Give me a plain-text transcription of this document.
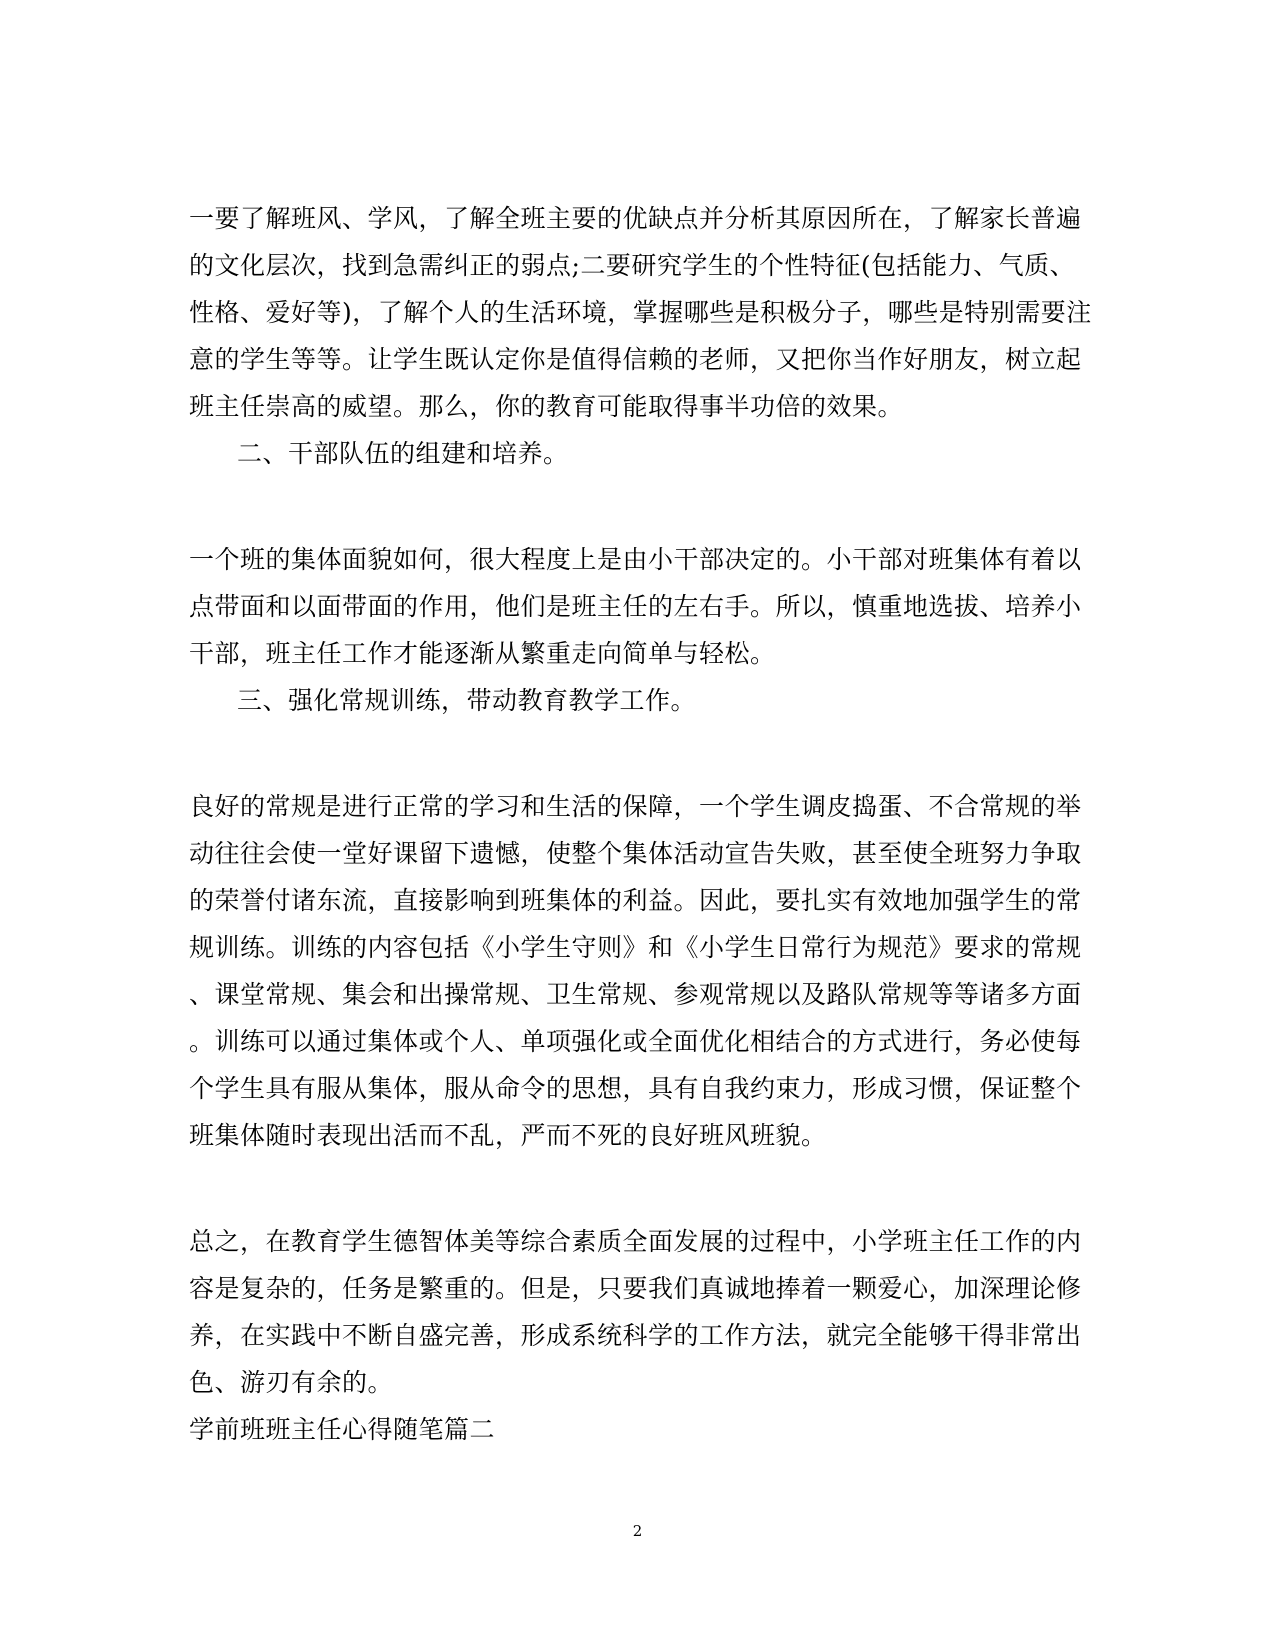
一要了解班风、学风，了解全班主要的优缺点并分析其原因所在，了解家长普遍
的文化层次，找到急需纠正的弱点;二要研究学生的个性特征(包括能力、气质、
性格、爱好等)，了解个人的生活环境，掌握哪些是积极分子，哪些是特别需要注
意的学生等等。让学生既认定你是值得信赖的老师，又把你当作好朋友，树立起
班主任崇高的威望。那么，你的教育可能取得事半功倍的效果。
二、干部队伍的组建和培养。
一个班的集体面貌如何，很大程度上是由小干部决定的。小干部对班集体有着以
点带面和以面带面的作用，他们是班主任的左右手。所以，慎重地选拔、培养小
干部，班主任工作才能逐渐从繁重走向简单与轻松。
三、强化常规训练，带动教育教学工作。
良好的常规是进行正常的学习和生活的保障，一个学生调皮捣蛋、不合常规的举
动往往会使一堂好课留下遗憾，使整个集体活动宣告失败，甚至使全班努力争取
的荣誉付诸东流，直接影响到班集体的利益。因此，要扎实有效地加强学生的常
规训练。训练的内容包括《小学生守则》和《小学生日常行为规范》要求的常规
、课堂常规、集会和出操常规、卫生常规、参观常规以及路队常规等等诸多方面
。训练可以通过集体或个人、单项强化或全面优化相结合的方式进行，务必使每
个学生具有服从集体，服从命令的思想，具有自我约束力，形成习惯，保证整个
班集体随时表现出活而不乱，严而不死的良好班风班貌。
总之，在教育学生德智体美等综合素质全面发展的过程中，小学班主任工作的内
容是复杂的，任务是繁重的。但是，只要我们真诚地捧着一颗爱心，加深理论修
养，在实践中不断自盛完善，形成系统科学的工作方法，就完全能够干得非常出
色、游刃有余的。
学前班班主任心得随笔篇二
2
